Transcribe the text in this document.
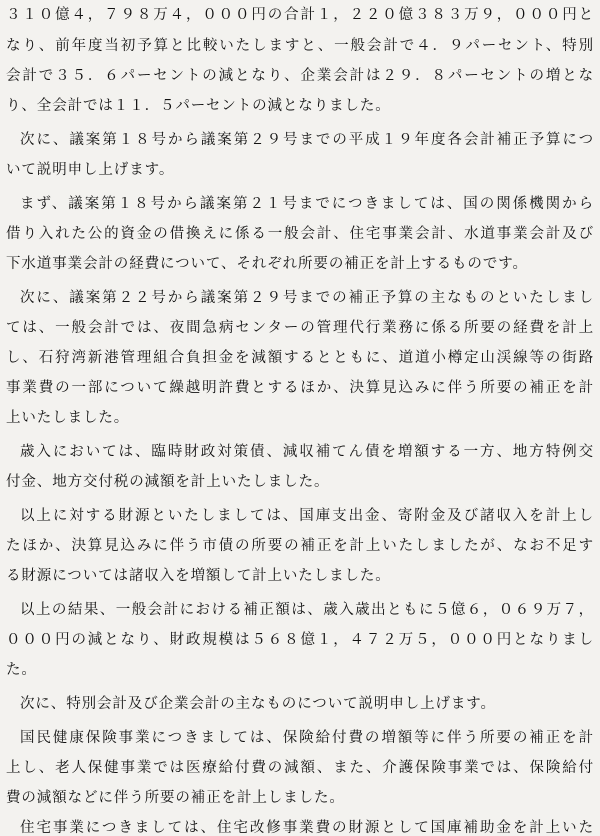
３１０億４，７９８万４，０００円の合計１，２２０億３８３万９，０００円と
なり、前年度当初予算と比較いたしますと、一般会計で４．９パーセント、特別
会計で３５．６パーセントの減となり、企業会計は２９．８パーセントの増とな
り、全会計では１１．５パーセントの減となりました。
次に、議案第１８号から議案第２９号までの平成１９年度各会計補正予算につ
いて説明申し上げます。
まず、議案第１８号から議案第２１号までにつきましては、国の関係機関から
借り入れた公的資金の借換えに係る一般会計、住宅事業会計、水道事業会計及び
下水道事業会計の経費について、それぞれ所要の補正を計上するものです。
次に、議案第２２号から議案第２９号までの補正予算の主なものといたしまし
ては、一般会計では、夜間急病センターの管理代行業務に係る所要の経費を計上
し、石狩湾新港管理組合負担金を減額するとともに、道道小樽定山渓線等の街路
事業費の一部について繰越明許費とするほか、決算見込みに伴う所要の補正を計
上いたしました。
歳入においては、臨時財政対策債、減収補てん債を増額する一方、地方特例交
付金、地方交付税の減額を計上いたしました。
以上に対する財源といたしましては、国庫支出金、寄附金及び諸収入を計上し
たほか、決算見込みに伴う市債の所要の補正を計上いたしましたが、なお不足す
る財源については諸収入を増額して計上いたしました。
以上の結果、一般会計における補正額は、歳入歳出ともに５億６，０６９万７，
０００円の減となり、財政規模は５６８億１，４７２万５，０００円となりまし
た。
次に、特別会計及び企業会計の主なものについて説明申し上げます。
国民健康保険事業につきましては、保険給付費の増額等に伴う所要の補正を計
上し、老人保健事業では医療給付費の減額、また、介護保険事業では、保険給付
費の減額などに伴う所要の補正を計上しました。
住宅事業につきましては、住宅改修事業費の財源として国庫補助金を計上いた
